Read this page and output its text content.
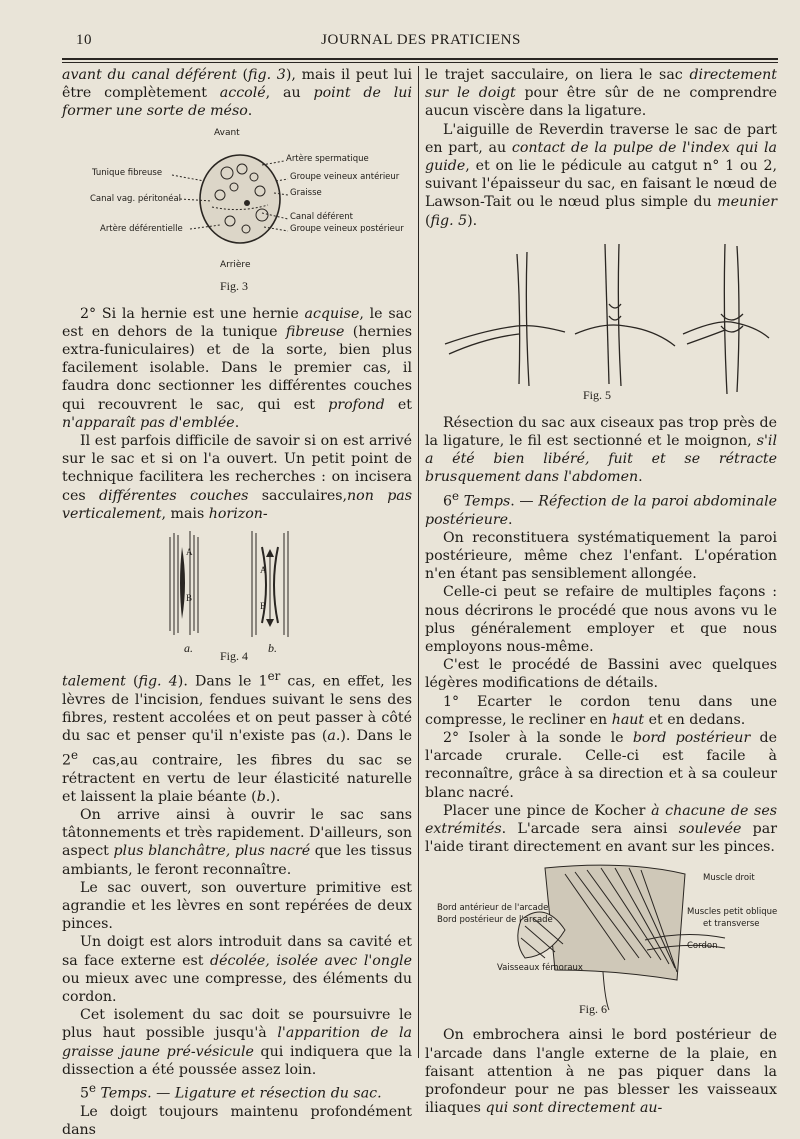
10	JOURNAL DES PRATICIENS

avant du canal déférent (fig. 3), mais il peut lui être complètement accolé, au point de lui former une sorte de méso.

Avant
Tunique fibreuse
Canal vag. péritonéal
Artère déférentielle
Artère spermatique
Groupe veineux antérieur
Graisse
Canal déférent
Groupe veineux postérieur
Arrière
Fig. 3

2° Si la hernie est une hernie acquise, le sac est en dehors de la tunique fibreuse (hernies extra-funiculaires) et de la sorte, bien plus facilement isolable. Dans le premier cas, il faudra donc sectionner les différentes couches qui recouvrent le sac, qui est profond et n'apparaît pas d'emblée.

Il est parfois difficile de savoir si on est arrivé sur le sac et si on l'a ouvert. Un petit point de technique facilitera les recherches : on incisera ces différentes couches sacculaires,non pas verticalement, mais horizon-

A
B
A
B
a.	b.
Fig. 4

talement (fig. 4). Dans le 1er cas, en effet, les lèvres de l'incision, fendues suivant le sens des fibres, restent accolées et on peut passer à côté du sac et penser qu'il n'existe pas (a.). Dans le 2e cas,au contraire, les fibres du sac se rétractent en vertu de leur élasticité naturelle et laissent la plaie béante (b.).

On arrive ainsi à ouvrir le sac sans tâtonnements et très rapidement. D'ailleurs, son aspect plus blanchâtre, plus nacré que les tissus ambiants, le feront reconnaître.

Le sac ouvert, son ouverture primitive est agrandie et les lèvres en sont repérées de deux pinces.

Un doigt est alors introduit dans sa cavité et sa face externe est décolée, isolée avec l'ongle ou mieux avec une compresse, des éléments du cordon.

Cet isolement du sac doit se poursuivre le plus haut possible jusqu'à l'apparition de la graisse jaune pré-vésicule qui indiquera que la dissection a été poussée assez loin.

5e Temps. — Ligature et résection du sac.

Le doigt toujours maintenu profondément dans

le trajet sacculaire, on liera le sac directement sur le doigt pour être sûr de ne comprendre aucun viscère dans la ligature.

L'aiguille de Reverdin traverse le sac de part en part, au contact de la pulpe de l'index qui la guide, et on lie le pédicule au catgut n° 1 ou 2, suivant l'épaisseur du sac, en faisant le nœud de Lawson-Tait ou le nœud plus simple du meunier (fig. 5).

Fig. 5

Résection du sac aux ciseaux pas trop près de la ligature, le fil est sectionné et le moignon, s'il a été bien libéré, fuit et se rétracte brusquement dans l'abdomen.

6e Temps. — Réfection de la paroi abdominale postérieure.

On reconstituera systématiquement la paroi postérieure, même chez l'enfant. L'opération n'en étant pas sensiblement allongée.

Celle-ci peut se refaire de multiples façons : nous décrirons le procédé que nous avons vu le plus généralement employer et que nous employons nous-même.

C'est le procédé de Bassini avec quelques légères modifications de détails.

1° Ecarter le cordon tenu dans une compresse, le recliner en haut et en dedans.

2° Isoler à la sonde le bord postérieur de l'arcade crurale. Celle-ci est facile à reconnaître, grâce à sa direction et à sa couleur blanc nacré.

Placer une pince de Kocher à chacune de ses extrémités. L'arcade sera ainsi soulevée par l'aide tirant directement en avant sur les pinces.

Muscle droit
Bord antérieur de l'arcade
Bord postérieur de l'arcade
Muscles petit oblique
et transverse
Cordon
Vaisseaux fémoraux
Fig. 6

On embrochera ainsi le bord postérieur de l'arcade dans l'angle externe de la plaie, en faisant attention à ne pas piquer dans la profondeur pour ne pas blesser les vaisseaux iliaques qui sont directement au-
